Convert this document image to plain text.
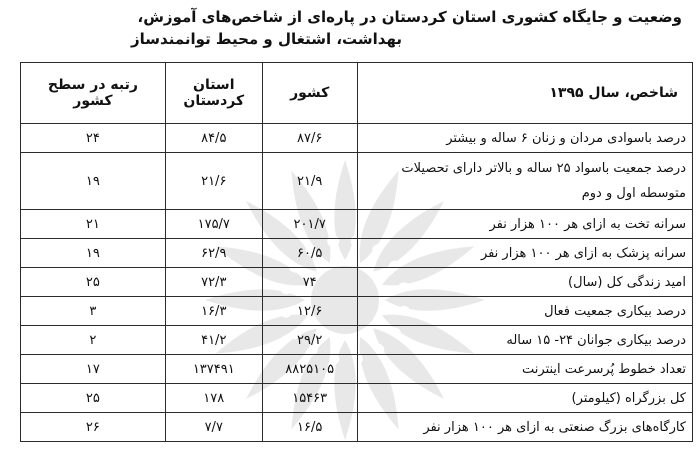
وضعیت و جایگاه کشوری استان کردستان در پاره‌ای از شاخص‌های آموزش،
بهداشت، اشتغال و محیط توانمندساز
شاخص، سال ۱۳۹۵	کشور	استان کردستان	رتبه در سطح کشور
درصد باسوادی مردان و زنان ۶ ساله و بیشتر	۸۷/۶	۸۴/۵	۲۴
درصد جمعیت باسواد ۲۵ ساله و بالاتر دارای تحصیلات متوسطه اول و دوم	۲۱/۹	۲۱/۶	۱۹
سرانه تخت به ازای هر ۱۰۰ هزار نفر	۲۰۱/۷	۱۷۵/۷	۲۱
سرانه پزشک به ازای هر ۱۰۰ هزار نفر	۶۰/۵	۶۲/۹	۱۹
امید زندگی کل (سال)	۷۴	۷۲/۳	۲۵
درصد بیکاری جمعیت فعال	۱۲/۶	۱۶/۳	۳
درصد بیکاری جوانان ۲۴- ۱۵ ساله	۲۹/۲	۴۱/۲	۲
تعداد خطوط پُرسرعت اینترنت	۸۸۲۵۱۰۵	۱۳۷۴۹۱	۱۷
کل بزرگراه (کیلومتر)	۱۵۴۶۳	۱۷۸	۲۵
کارگاه‌های بزرگ صنعتی به ازای هر ۱۰۰ هزار نفر	۱۶/۵	۷/۷	۲۶
